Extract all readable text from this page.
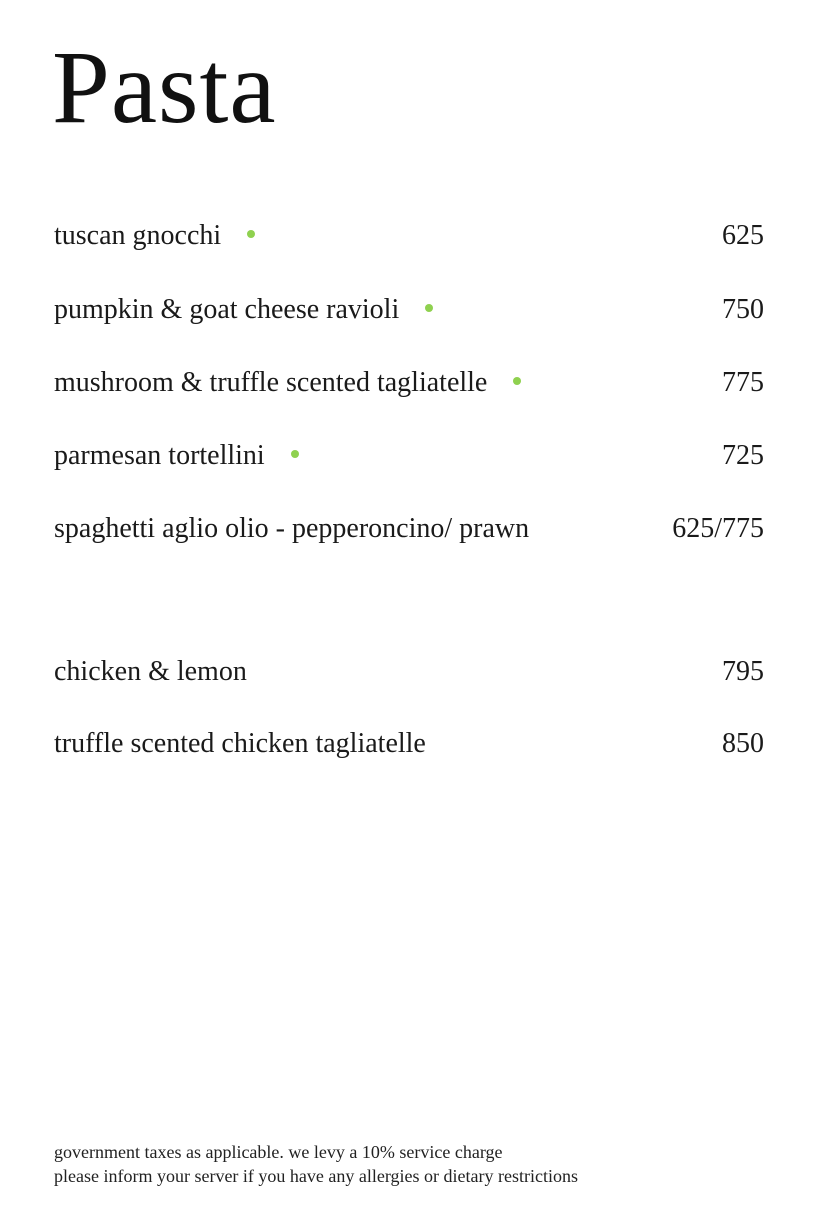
Pasta
tuscan gnocchi	625
pumpkin & goat cheese ravioli	750
mushroom & truffle scented tagliatelle	775
parmesan tortellini	725
spaghetti aglio olio - pepperoncino/ prawn	625/775
chicken & lemon	795
truffle scented chicken tagliatelle	850
government taxes as applicable. we levy a 10% service charge
please inform your server if you have any allergies or dietary restrictions
